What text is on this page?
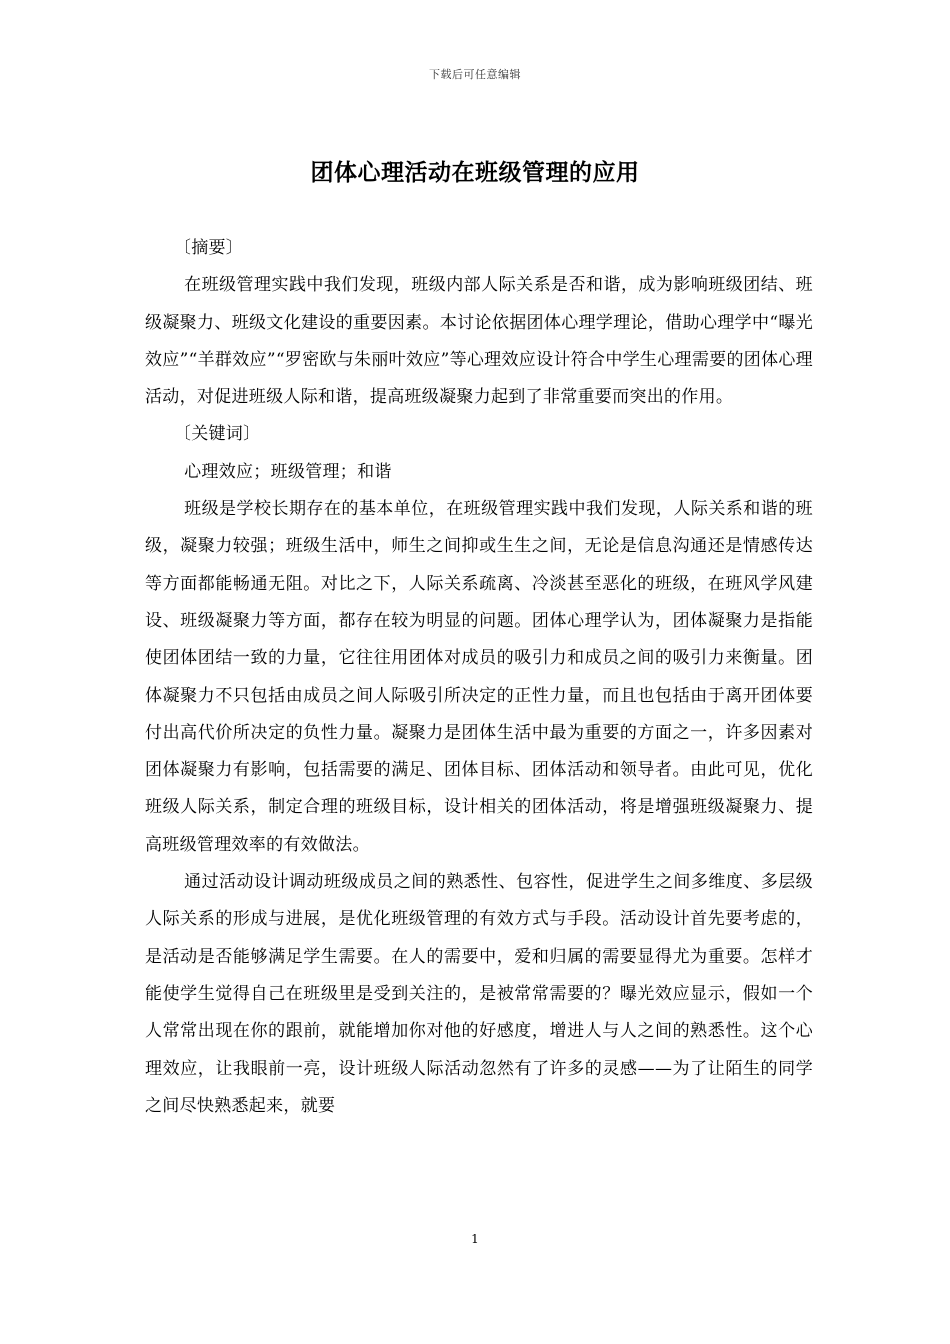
下载后可任意编辑
团体心理活动在班级管理的应用

〔摘要〕

在班级管理实践中我们发现，班级内部人际关系是否和谐，成为影响班级团结、班级凝聚力、班级文化建设的重要因素。本讨论依据团体心理学理论，借助心理学中“曝光效应”“羊群效应”“罗密欧与朱丽叶效应”等心理效应设计符合中学生心理需要的团体心理活动，对促进班级人际和谐，提高班级凝聚力起到了非常重要而突出的作用。

〔关键词〕

心理效应；班级管理；和谐

班级是学校长期存在的基本单位，在班级管理实践中我们发现，人际关系和谐的班级，凝聚力较强；班级生活中，师生之间抑或生生之间，无论是信息沟通还是情感传达等方面都能畅通无阻。对比之下，人际关系疏离、冷淡甚至恶化的班级，在班风学风建设、班级凝聚力等方面，都存在较为明显的问题。团体心理学认为，团体凝聚力是指能使团体团结一致的力量，它往往用团体对成员的吸引力和成员之间的吸引力来衡量。团体凝聚力不只包括由成员之间人际吸引所决定的正性力量，而且也包括由于离开团体要付出高代价所决定的负性力量。凝聚力是团体生活中最为重要的方面之一，许多因素对团体凝聚力有影响，包括需要的满足、团体目标、团体活动和领导者。由此可见，优化班级人际关系，制定合理的班级目标，设计相关的团体活动，将是增强班级凝聚力、提高班级管理效率的有效做法。

通过活动设计调动班级成员之间的熟悉性、包容性，促进学生之间多维度、多层级人际关系的形成与进展，是优化班级管理的有效方式与手段。活动设计首先要考虑的，是活动是否能够满足学生需要。在人的需要中，爱和归属的需要显得尤为重要。怎样才能使学生觉得自己在班级里是受到关注的，是被常常需要的？曝光效应显示，假如一个人常常出现在你的跟前，就能增加你对他的好感度，增进人与人之间的熟悉性。这个心理效应，让我眼前一亮，设计班级人际活动忽然有了许多的灵感——为了让陌生的同学之间尽快熟悉起来，就要

1
